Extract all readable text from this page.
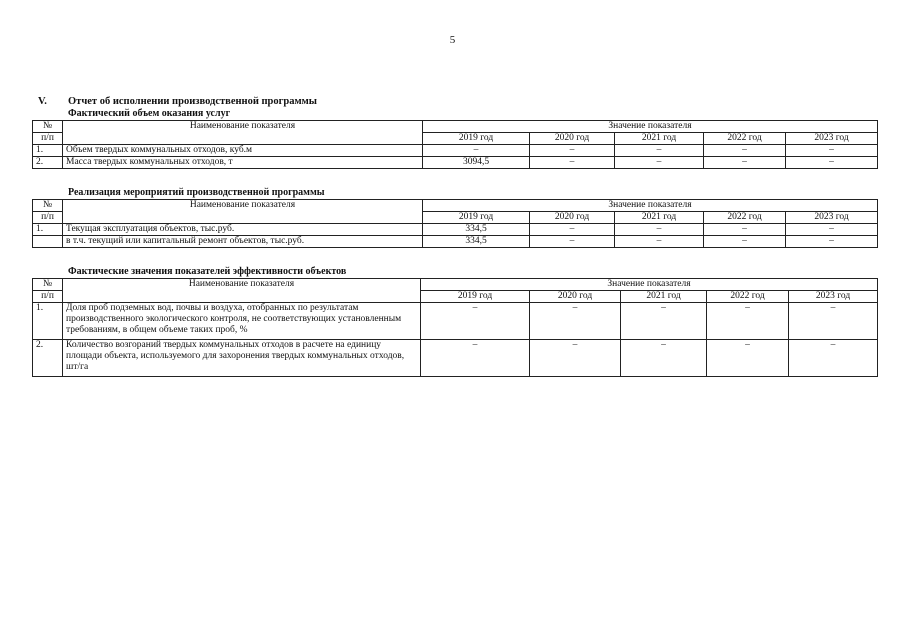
5
V. Отчет об исполнении производственной программы
Фактический объем оказания услуг
№	Наименование показателя	Значение показателя				
п/п		2019 год	2020 год	2021 год	2022 год	2023 год
1.	Объем твердых коммунальных отходов, куб.м	–	–	–	–	–
2.	Масса твердых коммунальных отходов, т	3094,5	–	–	–	–
Реализация мероприятий производственной программы
№	Наименование показателя	Значение показателя				
п/п		2019 год	2020 год	2021 год	2022 год	2023 год
1.	Текущая эксплуатация объектов, тыс.руб.	334,5	–	–	–	–
	в т.ч. текущий или капитальный ремонт объектов, тыс.руб.	334,5	–	–	–	–
Фактические значения показателей эффективности объектов
№	Наименование показателя	Значение показателя				
п/п		2019 год	2020 год	2021 год	2022 год	2023 год
1.	Доля проб подземных вод, почвы и воздуха, отобранных по результатам производственного экологического контроля, не соответствующих установленным требованиям, в общем объеме таких проб, %	–	–	–	–	–
2.	Количество возгораний твердых коммунальных отходов в расчете на единицу площади объекта, используемого для захоронения твердых коммунальных отходов, шт/га	–	–	–	–	–
